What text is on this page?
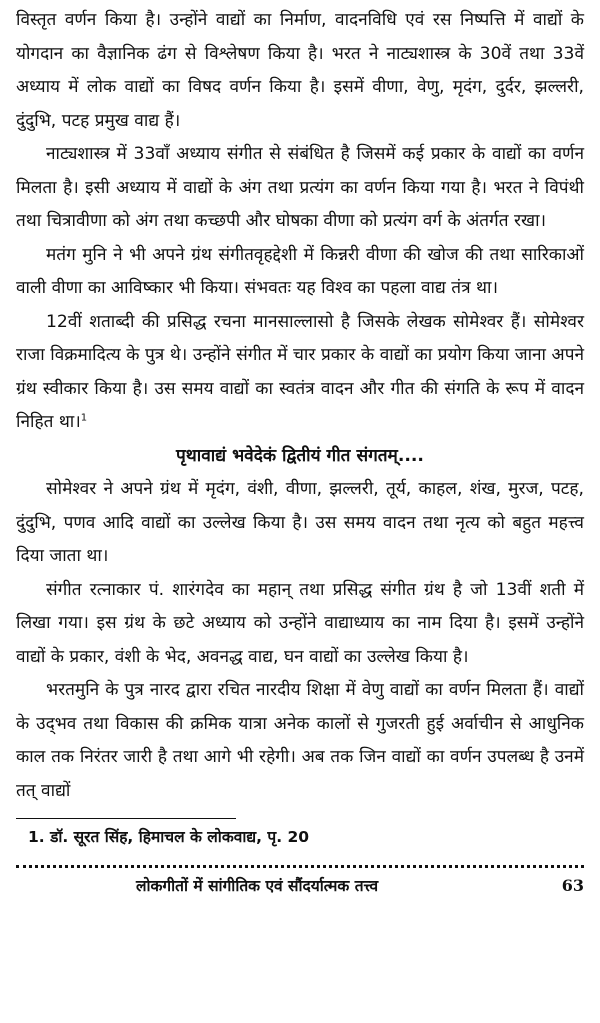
विस्तृत वर्णन किया है। उन्होंने वाद्यों का निर्माण, वादनविधि एवं रस निष्पत्ति में वाद्यों के योगदान का वैज्ञानिक ढंग से विश्लेषण किया है। भरत ने नाट्यशास्त्र के 30वें तथा 33वें अध्याय में लोक वाद्यों का विषद वर्णन किया है। इसमें वीणा, वेणु, मृदंग, दुर्दर, झल्लरी, दुंदुभि, पटह प्रमुख वाद्य हैं।

नाट्यशास्त्र में 33वाँ अध्याय संगीत से संबंधित है जिसमें कई प्रकार के वाद्यों का वर्णन मिलता है। इसी अध्याय में वाद्यों के अंग तथा प्रत्यंग का वर्णन किया गया है। भरत ने विपंथी तथा चित्रावीणा को अंग तथा कच्छपी और घोषका वीणा को प्रत्यंग वर्ग के अंतर्गत रखा।

मतंग मुनि ने भी अपने ग्रंथ संगीतवृहद्देशी में किन्नरी वीणा की खोज की तथा सारिकाओं वाली वीणा का आविष्कार भी किया। संभवतः यह विश्व का पहला वाद्य तंत्र था।

12वीं शताब्दी की प्रसिद्ध रचना मानसाल्लासो है जिसके लेखक सोमेश्वर हैं। सोमेश्वर राजा विक्रमादित्य के पुत्र थे। उन्होंने संगीत में चार प्रकार के वाद्यों का प्रयोग किया जाना अपने ग्रंथ स्वीकार किया है। उस समय वाद्यों का स्वतंत्र वादन और गीत की संगति के रूप में वादन निहित था।$^1$

पृथावाद्यं भवेदेकं द्वितीयं गीत संगतम्....

सोमेश्वर ने अपने ग्रंथ में मृदंग, वंशी, वीणा, झल्लरी, तूर्य, काहल, शंख, मुरज, पटह, दुंदुभि, पणव आदि वाद्यों का उल्लेख किया है। उस समय वादन तथा नृत्य को बहुत महत्त्व दिया जाता था।

संगीत रत्नाकार पं. शारंगदेव का महान् तथा प्रसिद्ध संगीत ग्रंथ है जो 13वीं शती में लिखा गया। इस ग्रंथ के छटे अध्याय को उन्होंने वाद्याध्याय का नाम दिया है। इसमें उन्होंने वाद्यों के प्रकार, वंशी के भेद, अवनद्ध वाद्य, घन वाद्यों का उल्लेख किया है।

भरतमुनि के पुत्र नारद द्वारा रचित नारदीय शिक्षा में वेणु वाद्यों का वर्णन मिलता हैं। वाद्यों के उद्‍भव तथा विकास की क्रमिक यात्रा अनेक कालों से गुजरती हुई अर्वाचीन से आधुनिक काल तक निरंतर जारी है तथा आगे भी रहेगी। अब तक जिन वाद्यों का वर्णन उपलब्ध है उनमें तत् वाद्यों

1. डॉ. सूरत सिंह, हिमाचल के लोकवाद्य, पृ. 20

लोकगीतों में सांगीतिक एवं सौंदर्यात्मक तत्त्व	63
